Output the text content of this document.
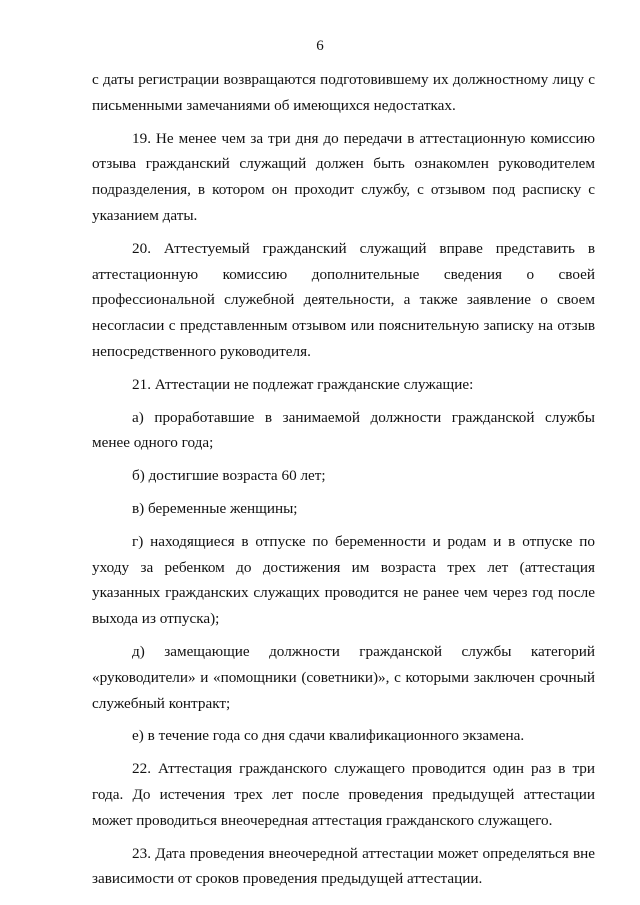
6

с даты регистрации возвращаются подготовившему их должностному лицу с письменными замечаниями об имеющихся недостатках.

19. Не менее чем за три дня до передачи в аттестационную комиссию отзыва гражданский служащий должен быть ознакомлен руководителем подразделения, в котором он проходит службу, с отзывом под расписку с указанием даты.

20. Аттестуемый гражданский служащий вправе представить в аттестационную комиссию дополнительные сведения о своей профессиональной служебной деятельности, а также заявление о своем несогласии с представленным отзывом или пояснительную записку на отзыв непосредственного руководителя.

21. Аттестации не подлежат гражданские служащие:

а) проработавшие в занимаемой должности гражданской службы менее одного года;

б) достигшие возраста 60 лет;

в) беременные женщины;

г) находящиеся в отпуске по беременности и родам и в отпуске по уходу за ребенком до достижения им возраста трех лет (аттестация указанных гражданских служащих проводится не ранее чем через год после выхода из отпуска);

д) замещающие должности гражданской службы категорий «руководители» и «помощники (советники)», с которыми заключен срочный служебный контракт;

е) в течение года со дня сдачи квалификационного экзамена.

22. Аттестация гражданского служащего проводится один раз в три года. До истечения трех лет после проведения предыдущей аттестации может проводиться внеочередная аттестация гражданского служащего.

23. Дата проведения внеочередной аттестации может определяться вне зависимости от сроков проведения предыдущей аттестации.
